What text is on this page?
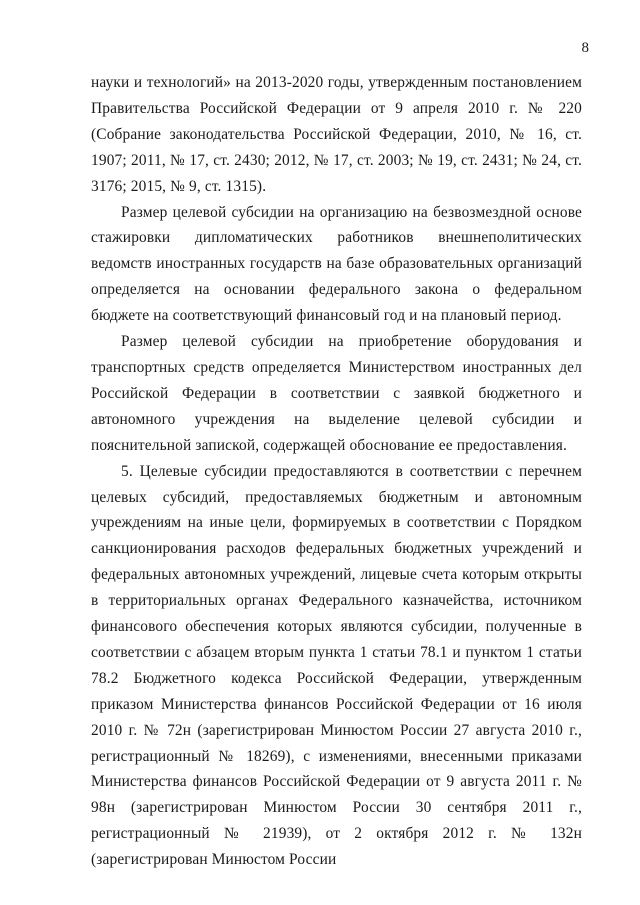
8

науки и технологий» на 2013-2020 годы, утвержденным постановлением Правительства Российской Федерации от 9 апреля 2010 г. № 220 (Собрание законодательства Российской Федерации, 2010, № 16, ст. 1907; 2011, № 17, ст. 2430; 2012, № 17, ст. 2003; № 19, ст. 2431; № 24, ст. 3176; 2015, № 9, ст. 1315).

Размер целевой субсидии на организацию на безвозмездной основе стажировки дипломатических работников внешнеполитических ведомств иностранных государств на базе образовательных организаций определяется на основании федерального закона о федеральном бюджете на соответствующий финансовый год и на плановый период.

Размер целевой субсидии на приобретение оборудования и транспортных средств определяется Министерством иностранных дел Российской Федерации в соответствии с заявкой бюджетного и автономного учреждения на выделение целевой субсидии и пояснительной запиской, содержащей обоснование ее предоставления.

5. Целевые субсидии предоставляются в соответствии с перечнем целевых субсидий, предоставляемых бюджетным и автономным учреждениям на иные цели, формируемых в соответствии с Порядком санкционирования расходов федеральных бюджетных учреждений и федеральных автономных учреждений, лицевые счета которым открыты в территориальных органах Федерального казначейства, источником финансового обеспечения которых являются субсидии, полученные в соответствии с абзацем вторым пункта 1 статьи 78.1 и пунктом 1 статьи 78.2 Бюджетного кодекса Российской Федерации, утвержденным приказом Министерства финансов Российской Федерации от 16 июля 2010 г. № 72н (зарегистрирован Минюстом России 27 августа 2010 г., регистрационный № 18269), с изменениями, внесенными приказами Министерства финансов Российской Федерации от 9 августа 2011 г. № 98н (зарегистрирован Минюстом России 30 сентября 2011 г., регистрационный № 21939), от 2 октября 2012 г. № 132н (зарегистрирован Минюстом России
